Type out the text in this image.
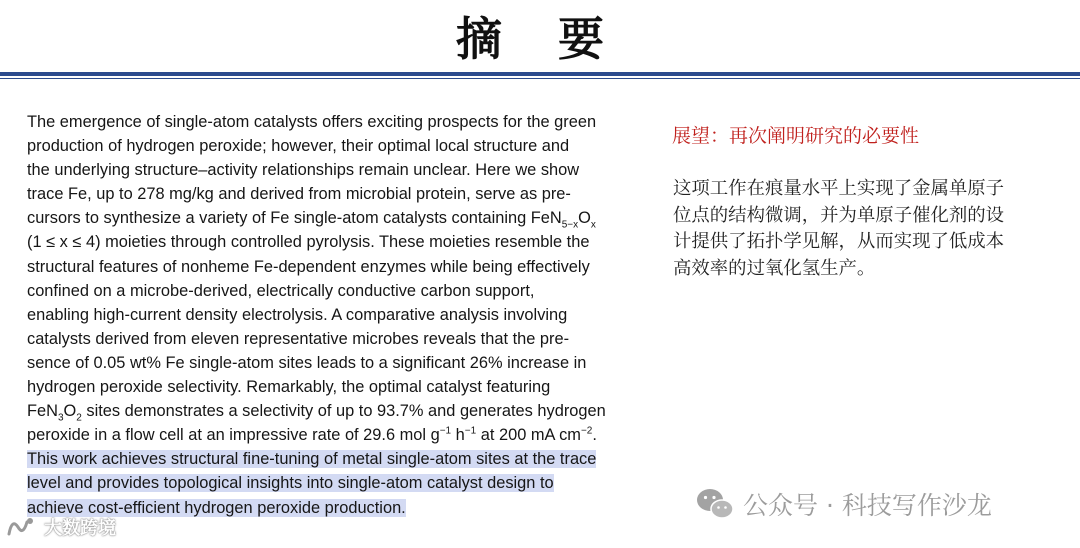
摘 要
The emergence of single-atom catalysts offers exciting prospects for the green
production of hydrogen peroxide; however, their optimal local structure and
the underlying structure–activity relationships remain unclear. Here we show
trace Fe, up to 278 mg/kg and derived from microbial protein, serve as pre-
cursors to synthesize a variety of Fe single-atom catalysts containing $FeN_{5-x}O_x$
(1 ≤ x ≤ 4) moieties through controlled pyrolysis. These moieties resemble the
structural features of nonheme Fe-dependent enzymes while being effectively
confined on a microbe-derived, electrically conductive carbon support,
enabling high-current density electrolysis. A comparative analysis involving
catalysts derived from eleven representative microbes reveals that the pre-
sence of 0.05 wt% Fe single-atom sites leads to a significant 26% increase in
hydrogen peroxide selectivity. Remarkably, the optimal catalyst featuring
$FeN_3O_2$ sites demonstrates a selectivity of up to 93.7% and generates hydrogen
peroxide in a flow cell at an impressive rate of 29.6 mol $g^{-1}$ $h^{-1}$ at 200 mA $cm^{-2}$.
This work achieves structural fine-tuning of metal single-atom sites at the trace
level and provides topological insights into single-atom catalyst design to
achieve cost-efficient hydrogen peroxide production.
展望：再次阐明研究的必要性
这项工作在痕量水平上实现了金属单原子
位点的结构微调，并为单原子催化剂的设
计提供了拓扑学见解，从而实现了低成本
高效率的过氧化氢生产。
公众号 · 科技写作沙龙
大数跨境
